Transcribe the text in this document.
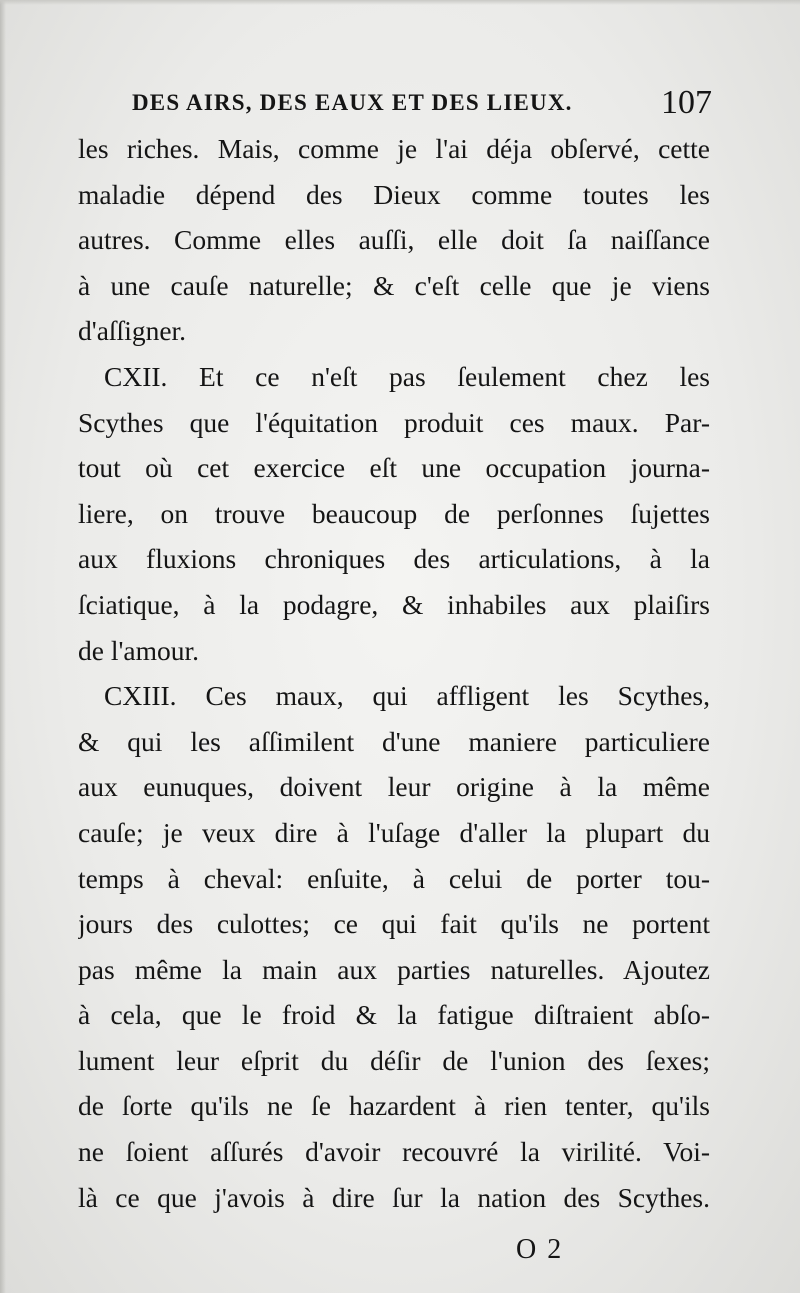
DES AIRS, DES EAUX ET DES LIEUX.	107
les riches. Mais, comme je l'ai déja obſervé, cette
maladie dépend des Dieux comme toutes les
autres. Comme elles auſſi, elle doit ſa naiſſance
à une cauſe naturelle; & c'eſt celle que je viens
d'aſſigner.
CXII. Et ce n'eſt pas ſeulement chez les
Scythes que l'équitation produit ces maux. Par-
tout où cet exercice eſt une occupation journa-
liere, on trouve beaucoup de perſonnes ſujettes
aux fluxions chroniques des articulations, à la
ſciatique, à la podagre, & inhabiles aux plaiſirs
de l'amour.
CXIII. Ces maux, qui affligent les Scythes,
& qui les aſſimilent d'une maniere particuliere
aux eunuques, doivent leur origine à la même
cauſe; je veux dire à l'uſage d'aller la plupart du
temps à cheval: enſuite, à celui de porter tou-
jours des culottes; ce qui fait qu'ils ne portent
pas même la main aux parties naturelles. Ajoutez
à cela, que le froid & la fatigue diſtraient abſo-
lument leur eſprit du déſir de l'union des ſexes;
de ſorte qu'ils ne ſe hazardent à rien tenter, qu'ils
ne ſoient aſſurés d'avoir recouvré la virilité. Voi-
là ce que j'avois à dire ſur la nation des Scythes.
O 2
